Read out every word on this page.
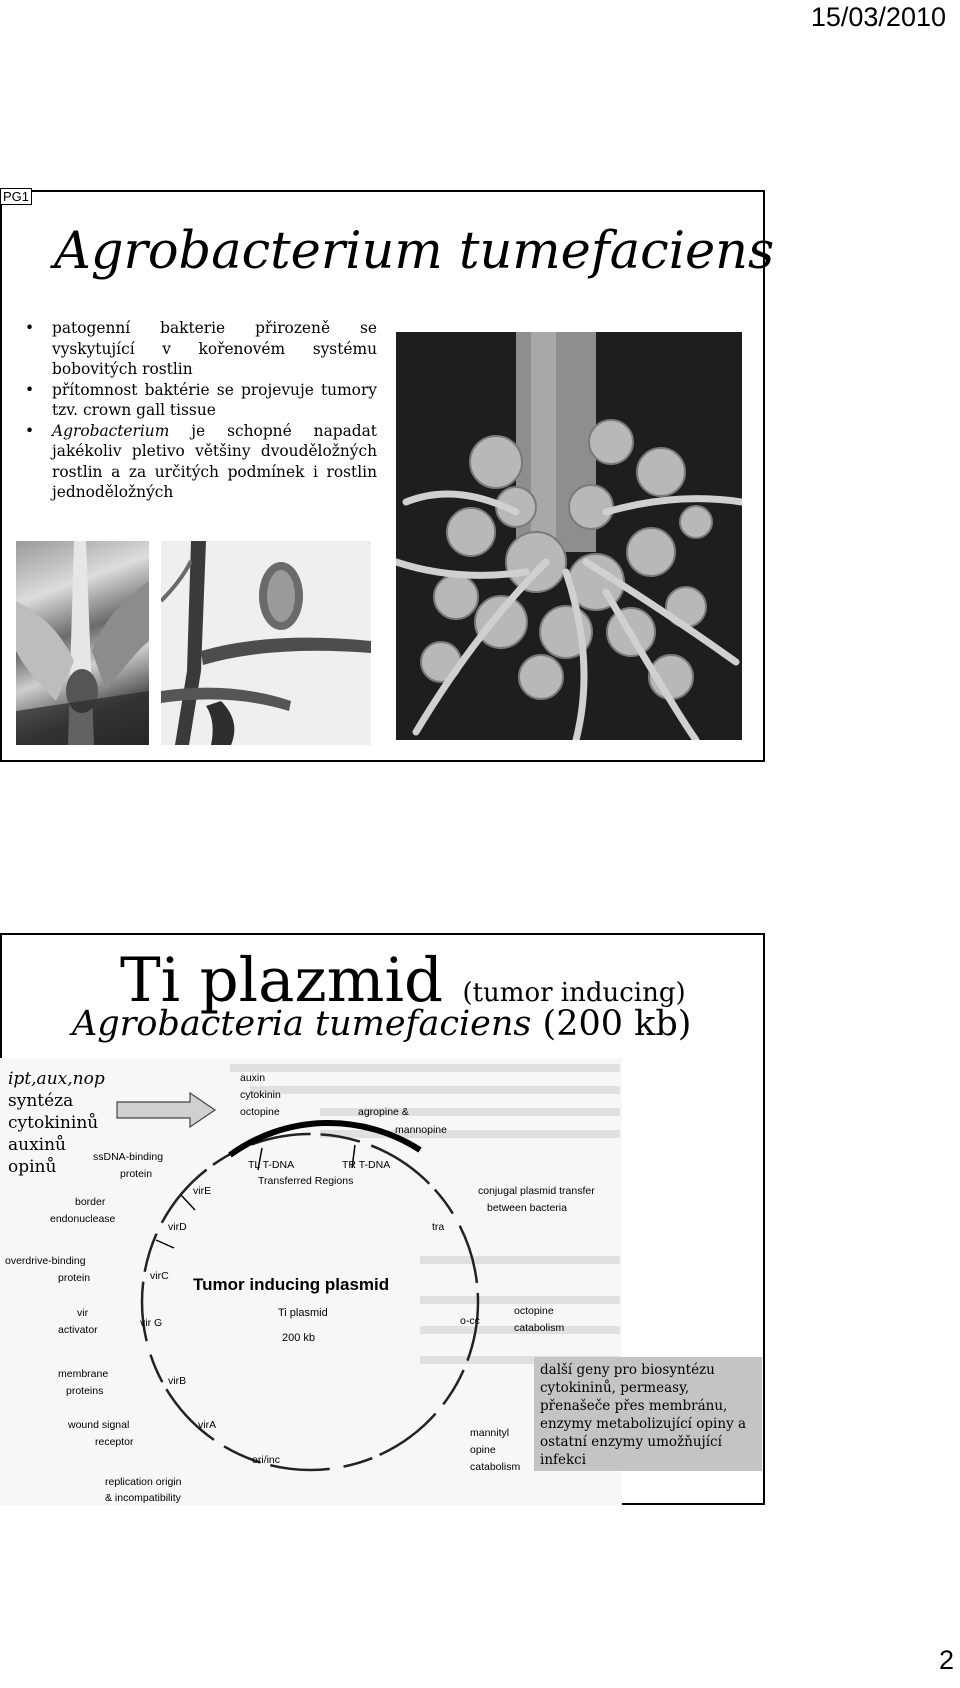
15/03/2010
PG1
Agrobacterium tumefaciens
• patogenní bakterie přirozeně se vyskytující v kořenovém systému bobovitých rostlin
• přítomnost baktérie se projevuje tumory tzv. crown gall tissue
• Agrobacterium je schopné napadat jakékoliv pletivo většiny dvouděložných rostlin a za určitých podmínek i rostlin jednoděložných
Ti plazmid (tumor inducing)
Agrobacteria tumefaciens (200 kb)
TL T-DNA	TR T-DNA
Transferred Regions
virE
virD
virC
vir G
virB
virA
ori/inc
tra
o-cc
Tumor inducing plasmid
Ti plasmid
200 kb
auxin
cytokinin
octopine	agropine &
mannopine
ssDNA-binding
protein
border
endonuclease
conjugal plasmid transfer
between bacteria
overdrive-binding
protein
vir
activator
octopine
catabolism
membrane
proteins
wound signal
receptor
mannityl
opine
catabolism
replication origin
& incompatibility
ipt,aux,nop
syntéza
cytokininů
auxinů
opinů
další geny pro biosyntézu cytokininů, permeasy, přenašeče přes membránu, enzymy metabolizující opiny a ostatní enzymy umožňující infekci
2
